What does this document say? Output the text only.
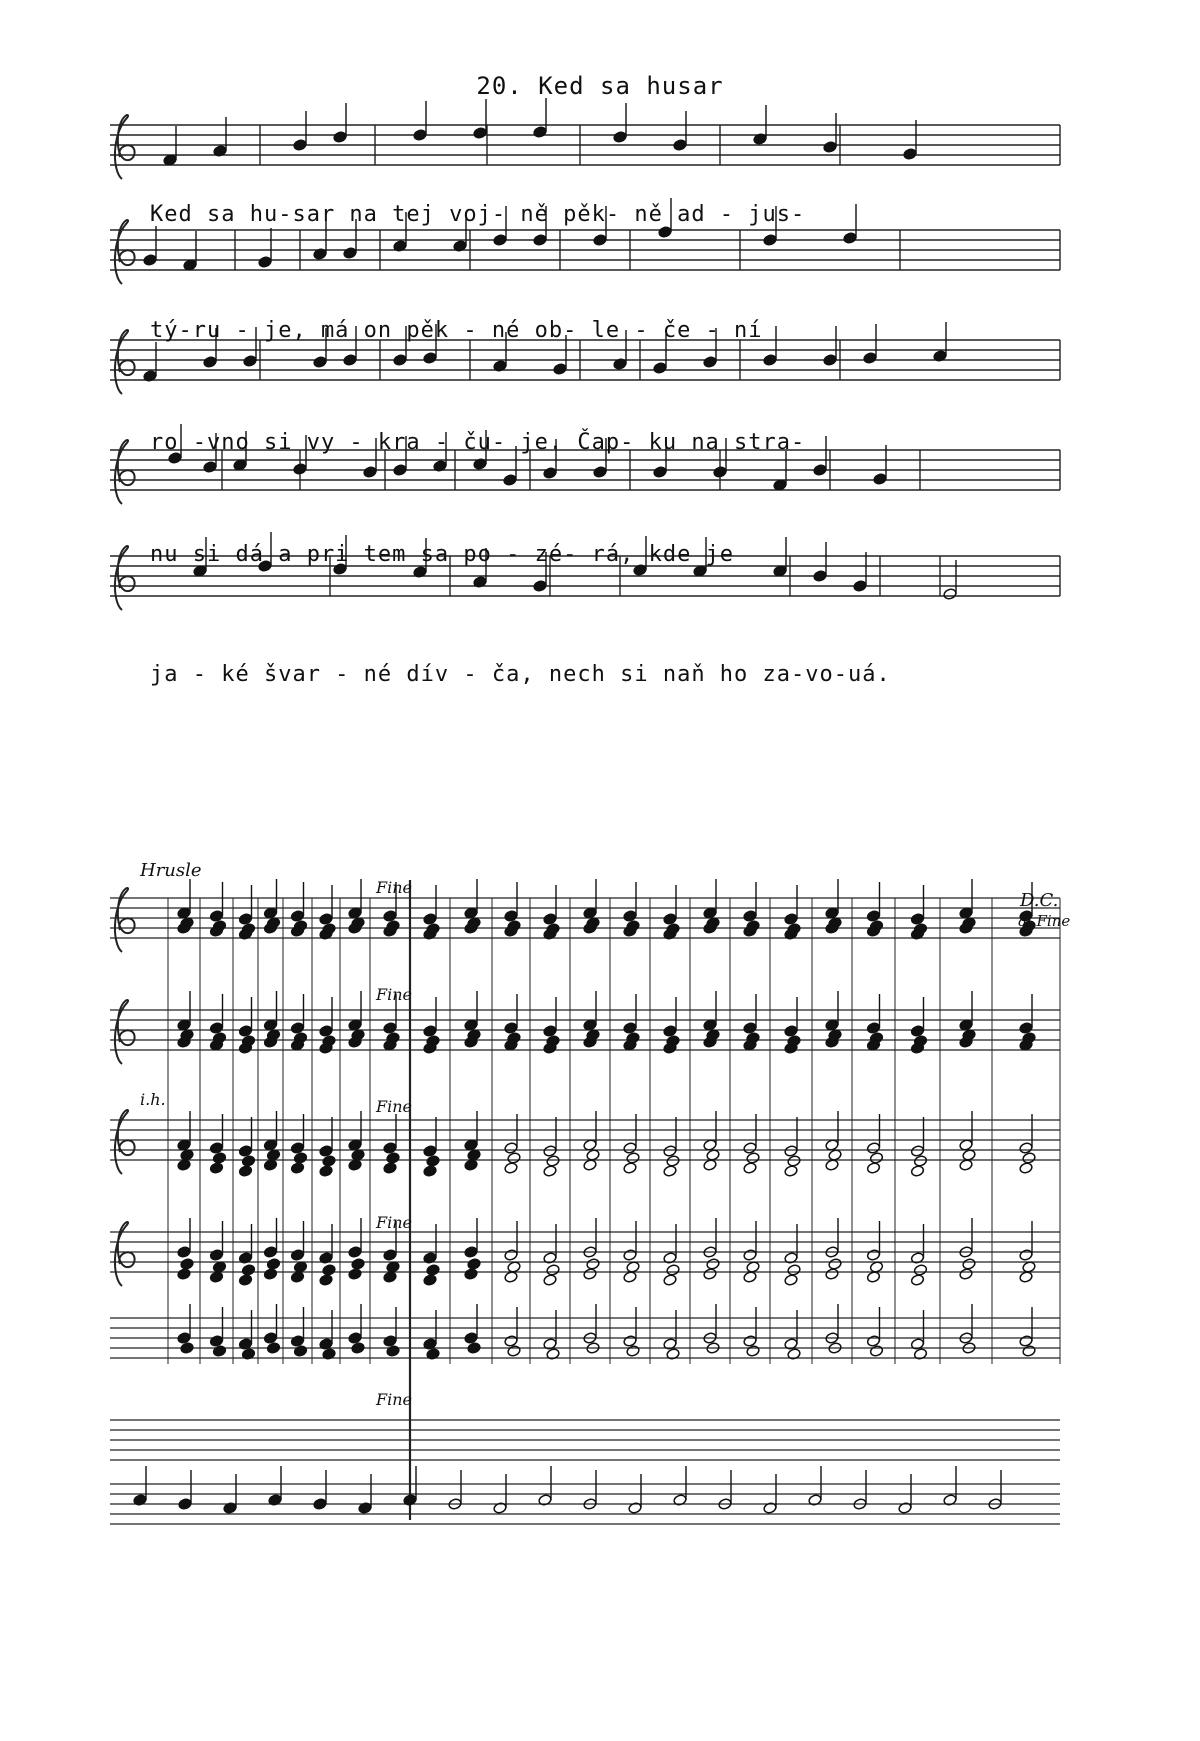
20. Ked sa husar
Ked sa hu-sar na tej voj- ně pěk- ně ad - jus-
tý-ru - je, má on pěk - né ob- le - če - ní
ro -vno si vy - kra - ču- je. Čap- ku na stra-
nu si dá a pri tem sa po - zé- rá, kde je
ja - ké švar - né dív - ča, nech si naň ho za-vo-uá.
Hrusle
i.h.
Fine
Fine
Fine
Fine
Fine
D.C.
al Fine
